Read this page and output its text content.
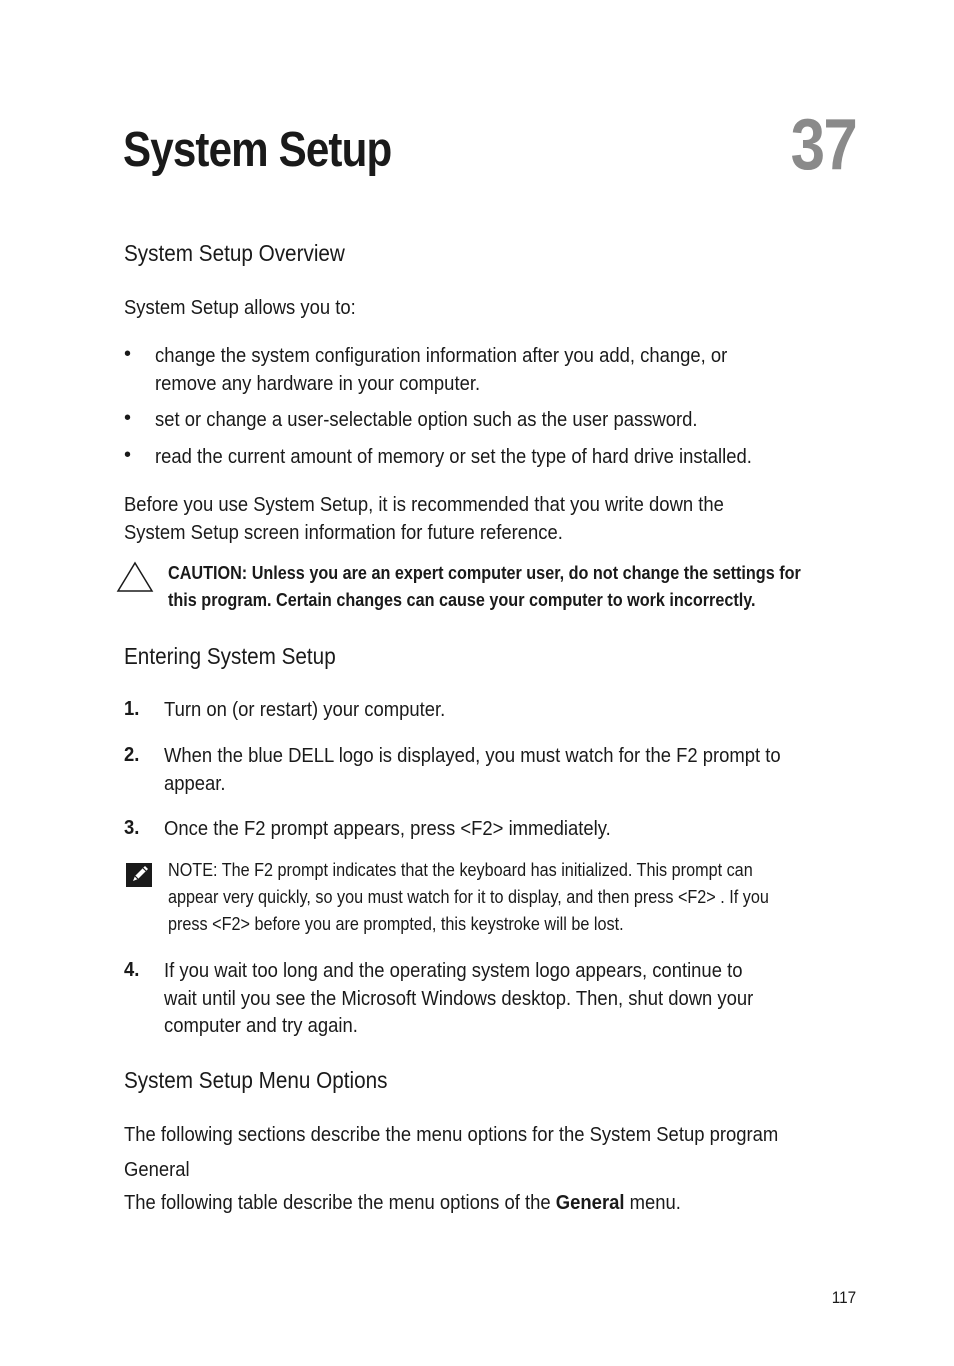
System Setup	37
System Setup Overview
System Setup allows you to:
• change the system configuration information after you add, change, or
remove any hardware in your computer.
• set or change a user-selectable option such as the user password.
• read the current amount of memory or set the type of hard drive installed.
Before you use System Setup, it is recommended that you write down the
System Setup screen information for future reference.
CAUTION: Unless you are an expert computer user, do not change the settings for
this program. Certain changes can cause your computer to work incorrectly.
Entering System Setup
1. Turn on (or restart) your computer.
2. When the blue DELL logo is displayed, you must watch for the F2 prompt to
appear.
3. Once the F2 prompt appears, press <F2> immediately.
NOTE: The F2 prompt indicates that the keyboard has initialized. This prompt can
appear very quickly, so you must watch for it to display, and then press <F2> . If you
press <F2> before you are prompted, this keystroke will be lost.
4. If you wait too long and the operating system logo appears, continue to
wait until you see the Microsoft Windows desktop. Then, shut down your
computer and try again.
System Setup Menu Options
The following sections describe the menu options for the System Setup program
General
The following table describe the menu options of the General menu.
117
